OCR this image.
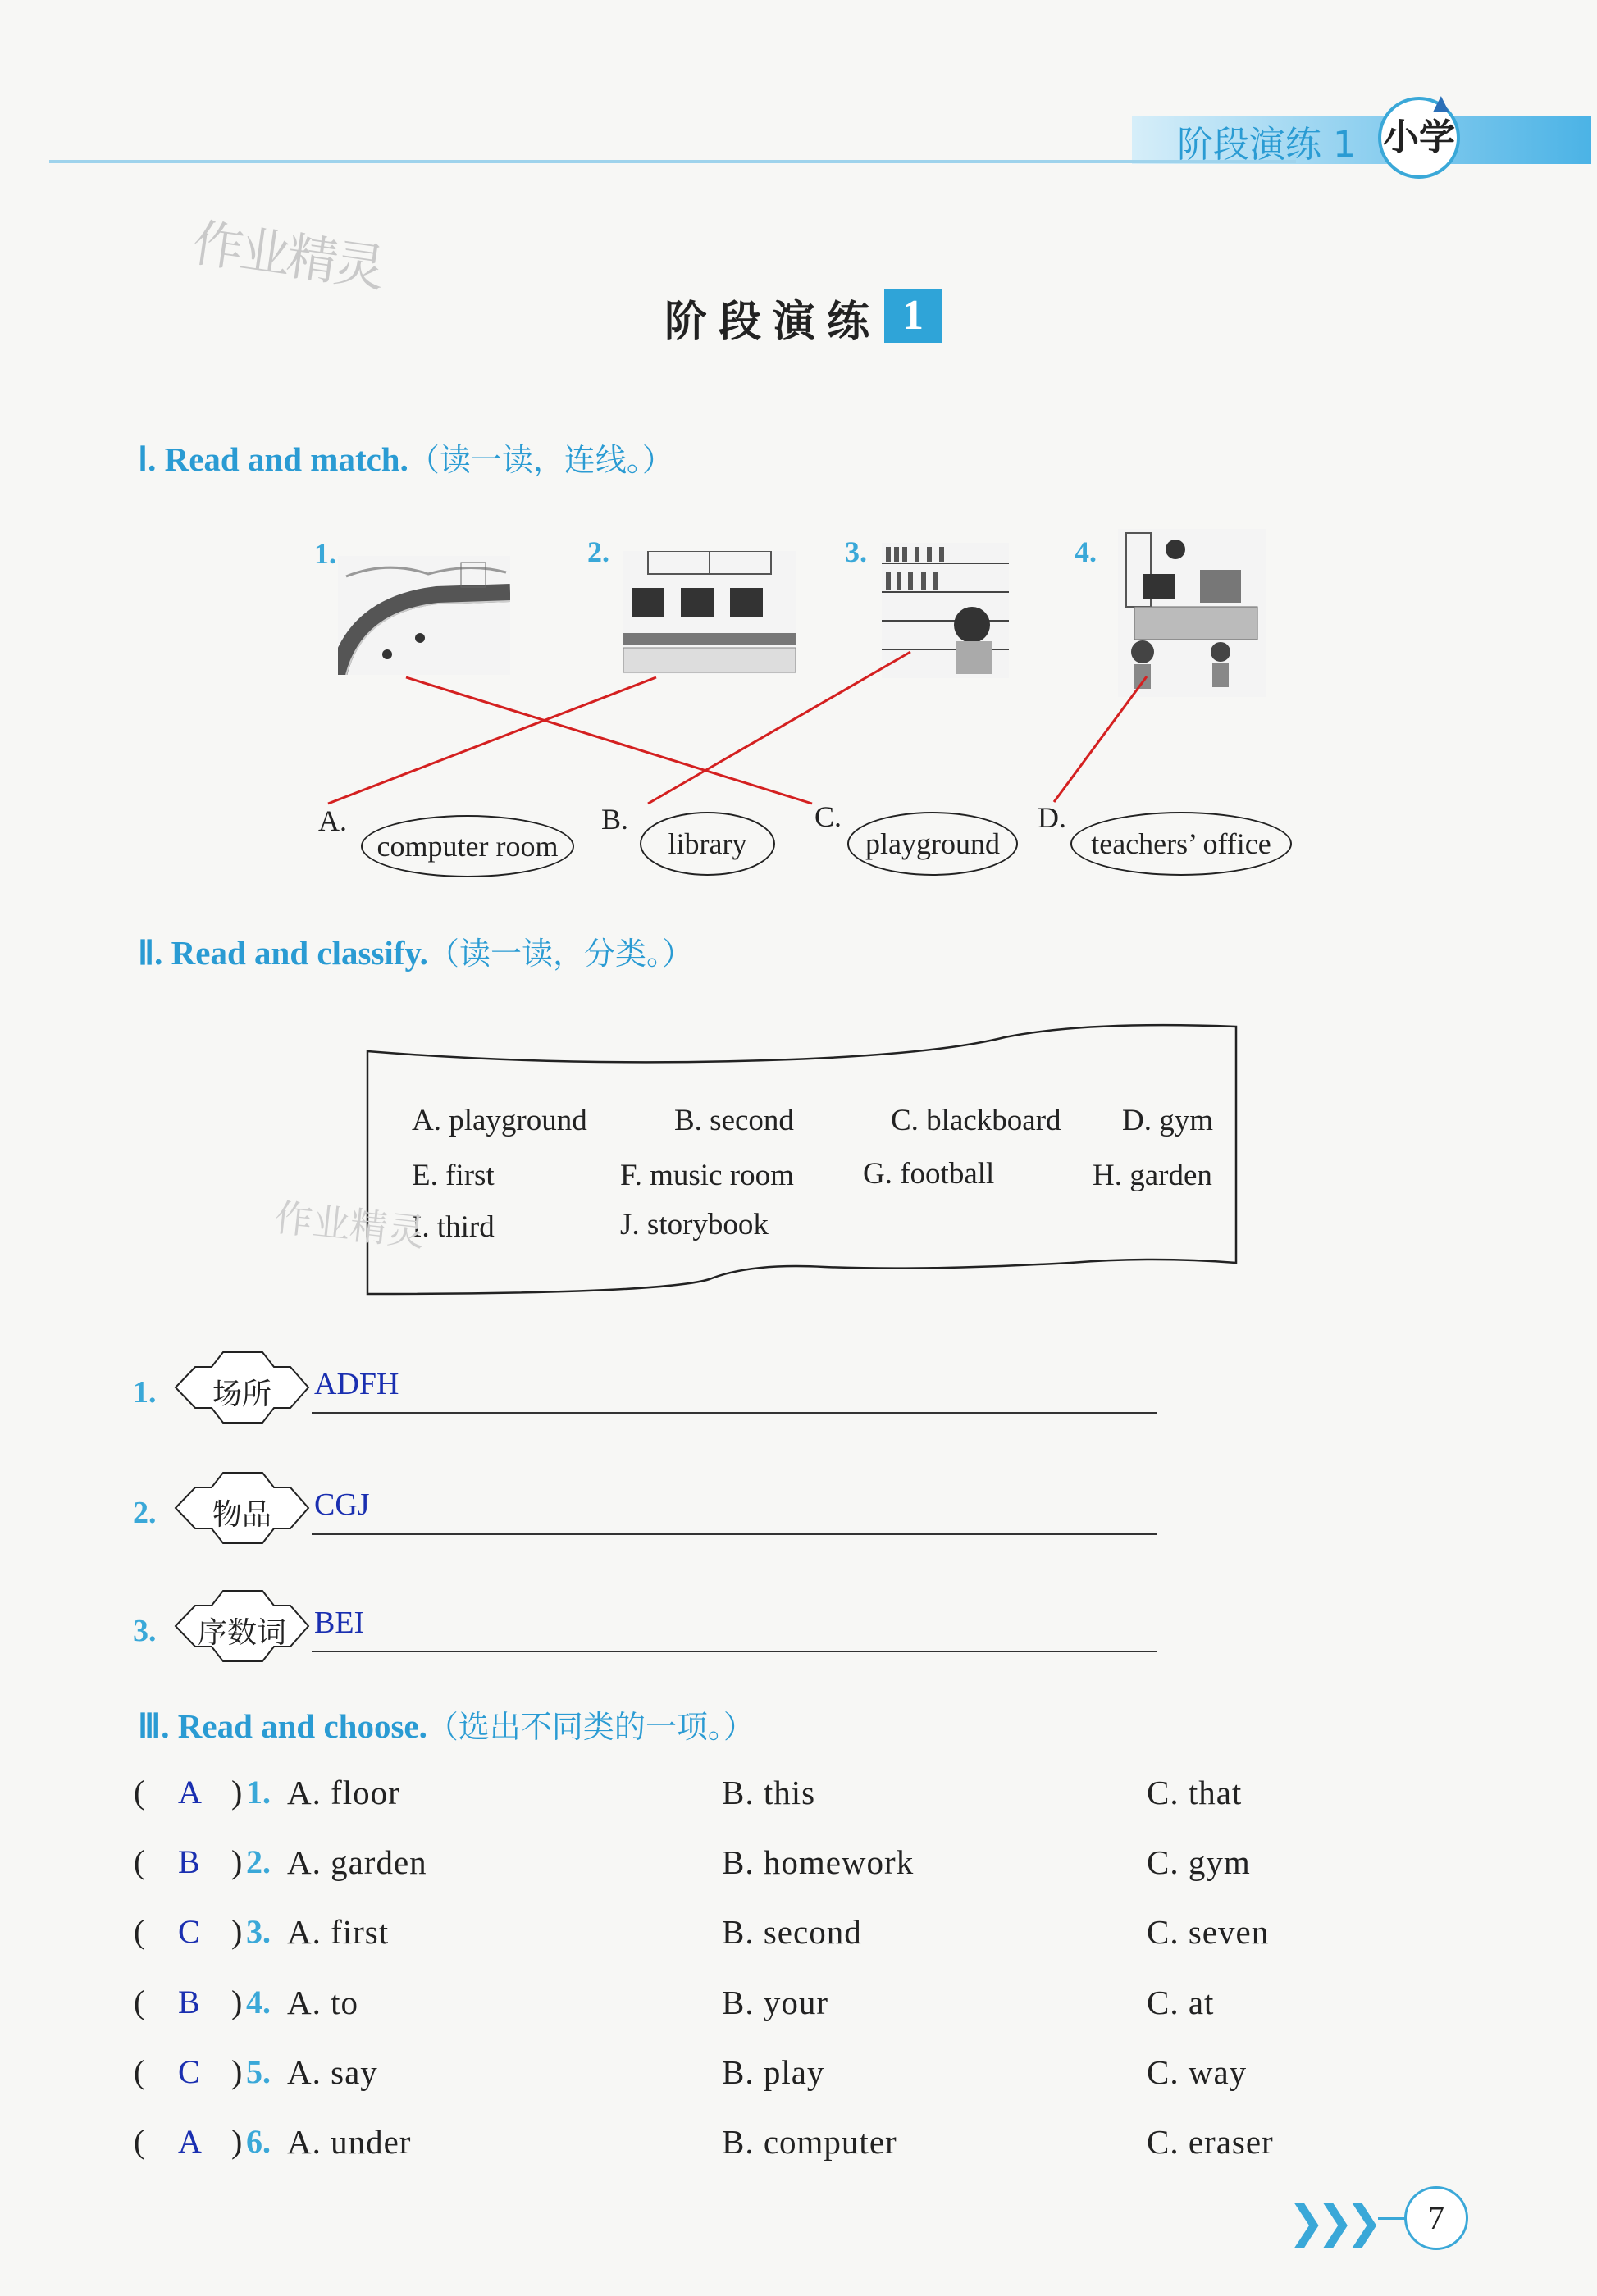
阶段演练 1 小学
▲
作业精灵
阶段演练 1
Ⅰ. Read and match.（读一读，连线。）
1.	2.	3.	4.
A.
computer room
B.
library
C.
playground
D.
teachers’ office
Ⅱ. Read and classify.（读一读，分类。）
A. playground	B. second	C. blackboard D. gym
E. first	F. music room G. football	H. garden
I. third	J. storybook
作业精灵
1.	场所	ADFH
2.	物品	CGJ
3.	序数词 BEI
Ⅲ. Read and choose.（选出不同类的一项。）
( A ) 1. A. floor	B. this	C. that
( B ) 2. A. garden	B. homework	C. gym
( C ) 3. A. first	B. second	C. seven
( B ) 4. A. to	B. your	C. at
( C ) 5. A. say	B. play	C. way
( A ) 6. A. under	B. computer	C. eraser
❯❯❯	7
